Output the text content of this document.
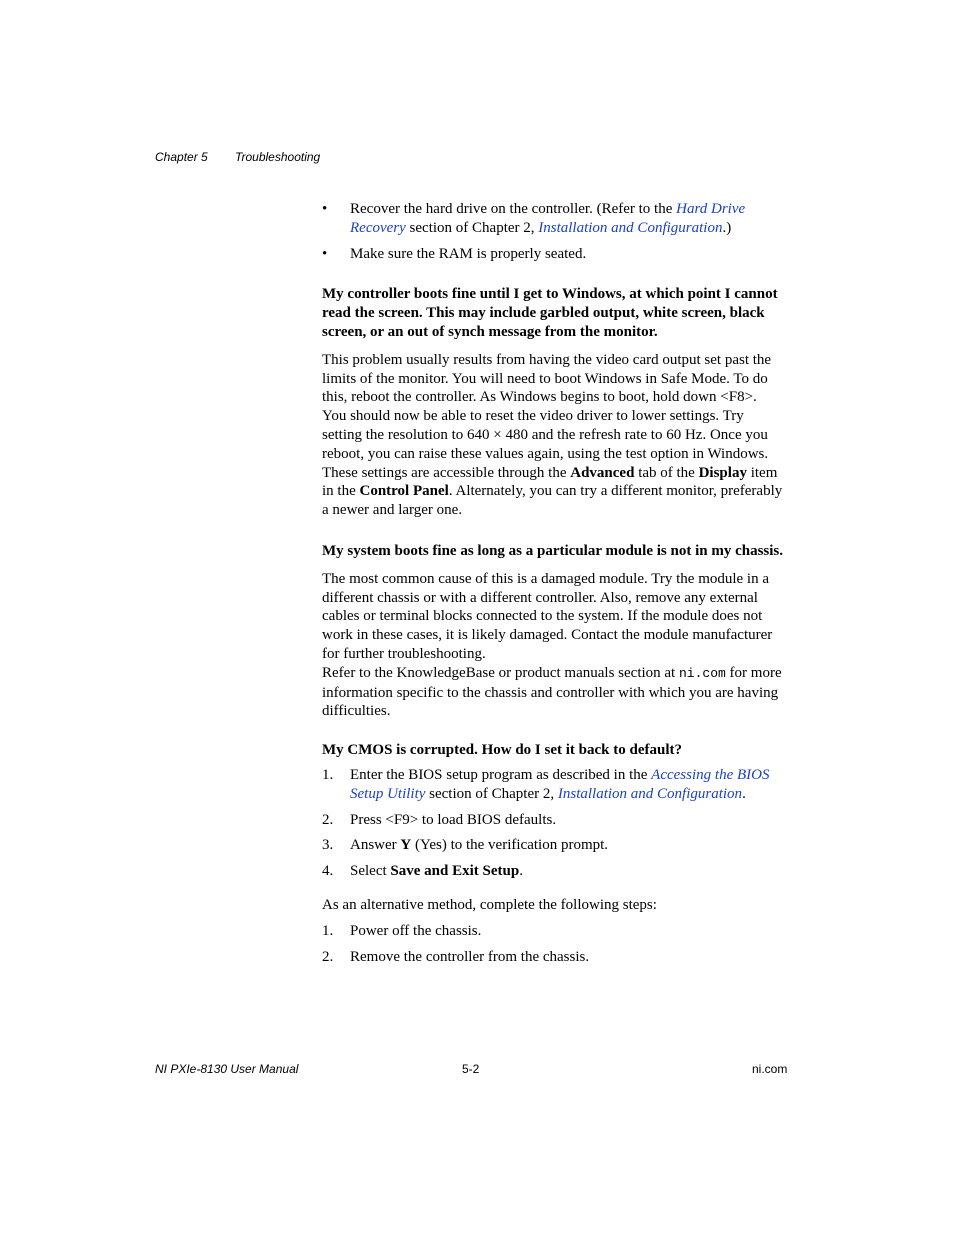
Chapter 5 Troubleshooting
• Recover the hard drive on the controller. (Refer to the Hard Drive Recovery section of Chapter 2, Installation and Configuration.)
• Make sure the RAM is properly seated.

My controller boots fine until I get to Windows, at which point I cannot read the screen. This may include garbled output, white screen, black screen, or an out of synch message from the monitor.

This problem usually results from having the video card output set past the limits of the monitor. You will need to boot Windows in Safe Mode. To do this, reboot the controller. As Windows begins to boot, hold down <F8>. You should now be able to reset the video driver to lower settings. Try setting the resolution to 640 × 480 and the refresh rate to 60 Hz. Once you reboot, you can raise these values again, using the test option in Windows. These settings are accessible through the Advanced tab of the Display item in the Control Panel. Alternately, you can try a different monitor, preferably a newer and larger one.

My system boots fine as long as a particular module is not in my chassis.

The most common cause of this is a damaged module. Try the module in a different chassis or with a different controller. Also, remove any external cables or terminal blocks connected to the system. If the module does not work in these cases, it is likely damaged. Contact the module manufacturer for further troubleshooting.

Refer to the KnowledgeBase or product manuals section at ni.com for more information specific to the chassis and controller with which you are having difficulties.

My CMOS is corrupted. How do I set it back to default?

1. Enter the BIOS setup program as described in the Accessing the BIOS Setup Utility section of Chapter 2, Installation and Configuration.
2. Press <F9> to load BIOS defaults.
3. Answer Y (Yes) to the verification prompt.
4. Select Save and Exit Setup.

As an alternative method, complete the following steps:

1. Power off the chassis.
2. Remove the controller from the chassis.
NI PXIe-8130 User Manual	5-2	ni.com
